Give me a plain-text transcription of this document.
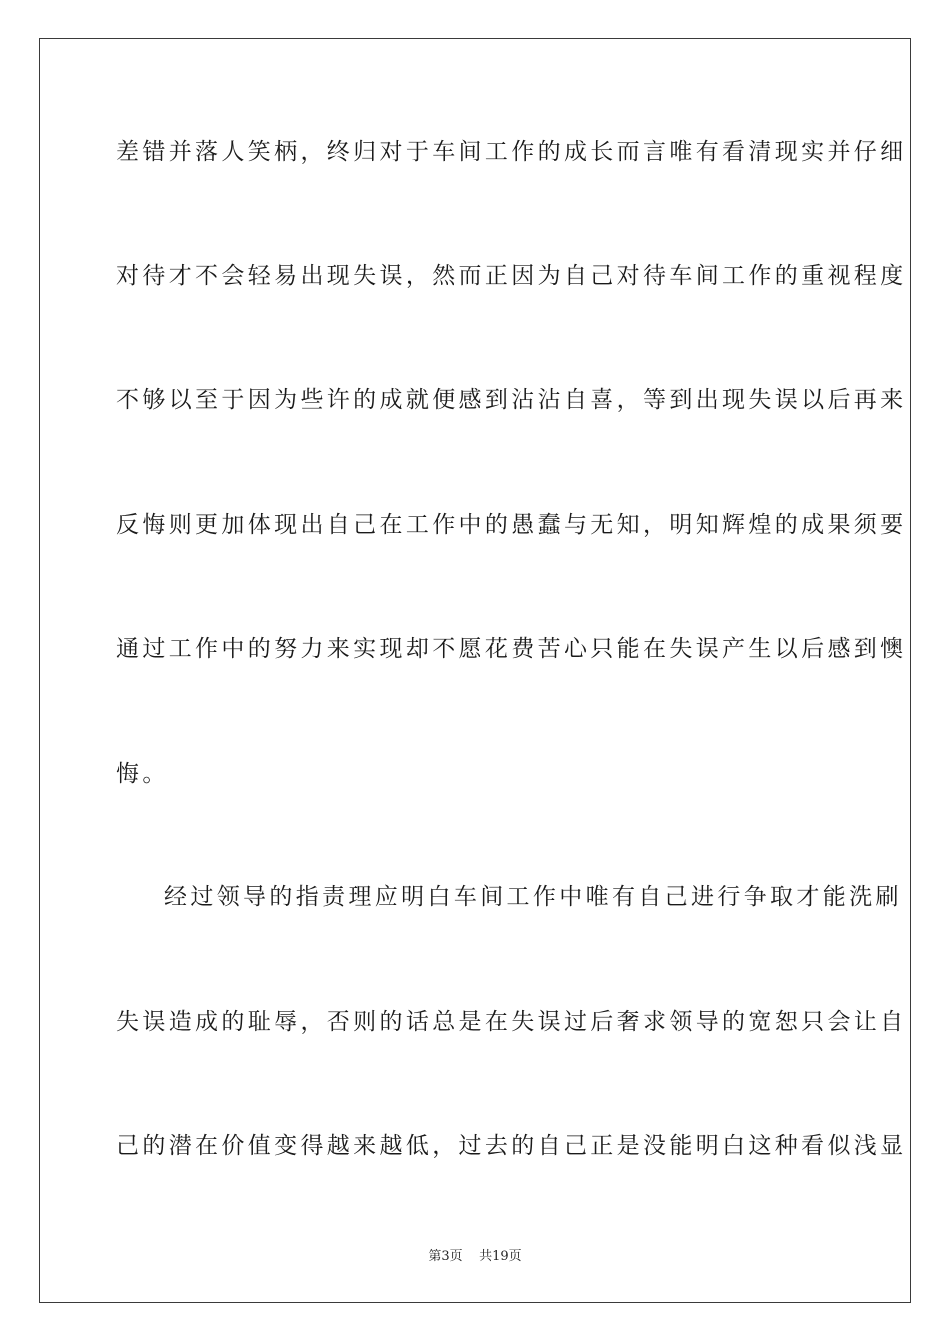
差错并落人笑柄，终归对于车间工作的成长而言唯有看清现实并仔细
对待才不会轻易出现失误，然而正因为自己对待车间工作的重视程度
不够以至于因为些许的成就便感到沾沾自喜，等到出现失误以后再来
反悔则更加体现出自己在工作中的愚蠢与无知，明知辉煌的成果须要
通过工作中的努力来实现却不愿花费苦心只能在失误产生以后感到懊
悔。
经过领导的指责理应明白车间工作中唯有自己进行争取才能洗刷
失误造成的耻辱，否则的话总是在失误过后奢求领导的宽恕只会让自
己的潜在价值变得越来越低，过去的自己正是没能明白这种看似浅显
第3页 共19页
